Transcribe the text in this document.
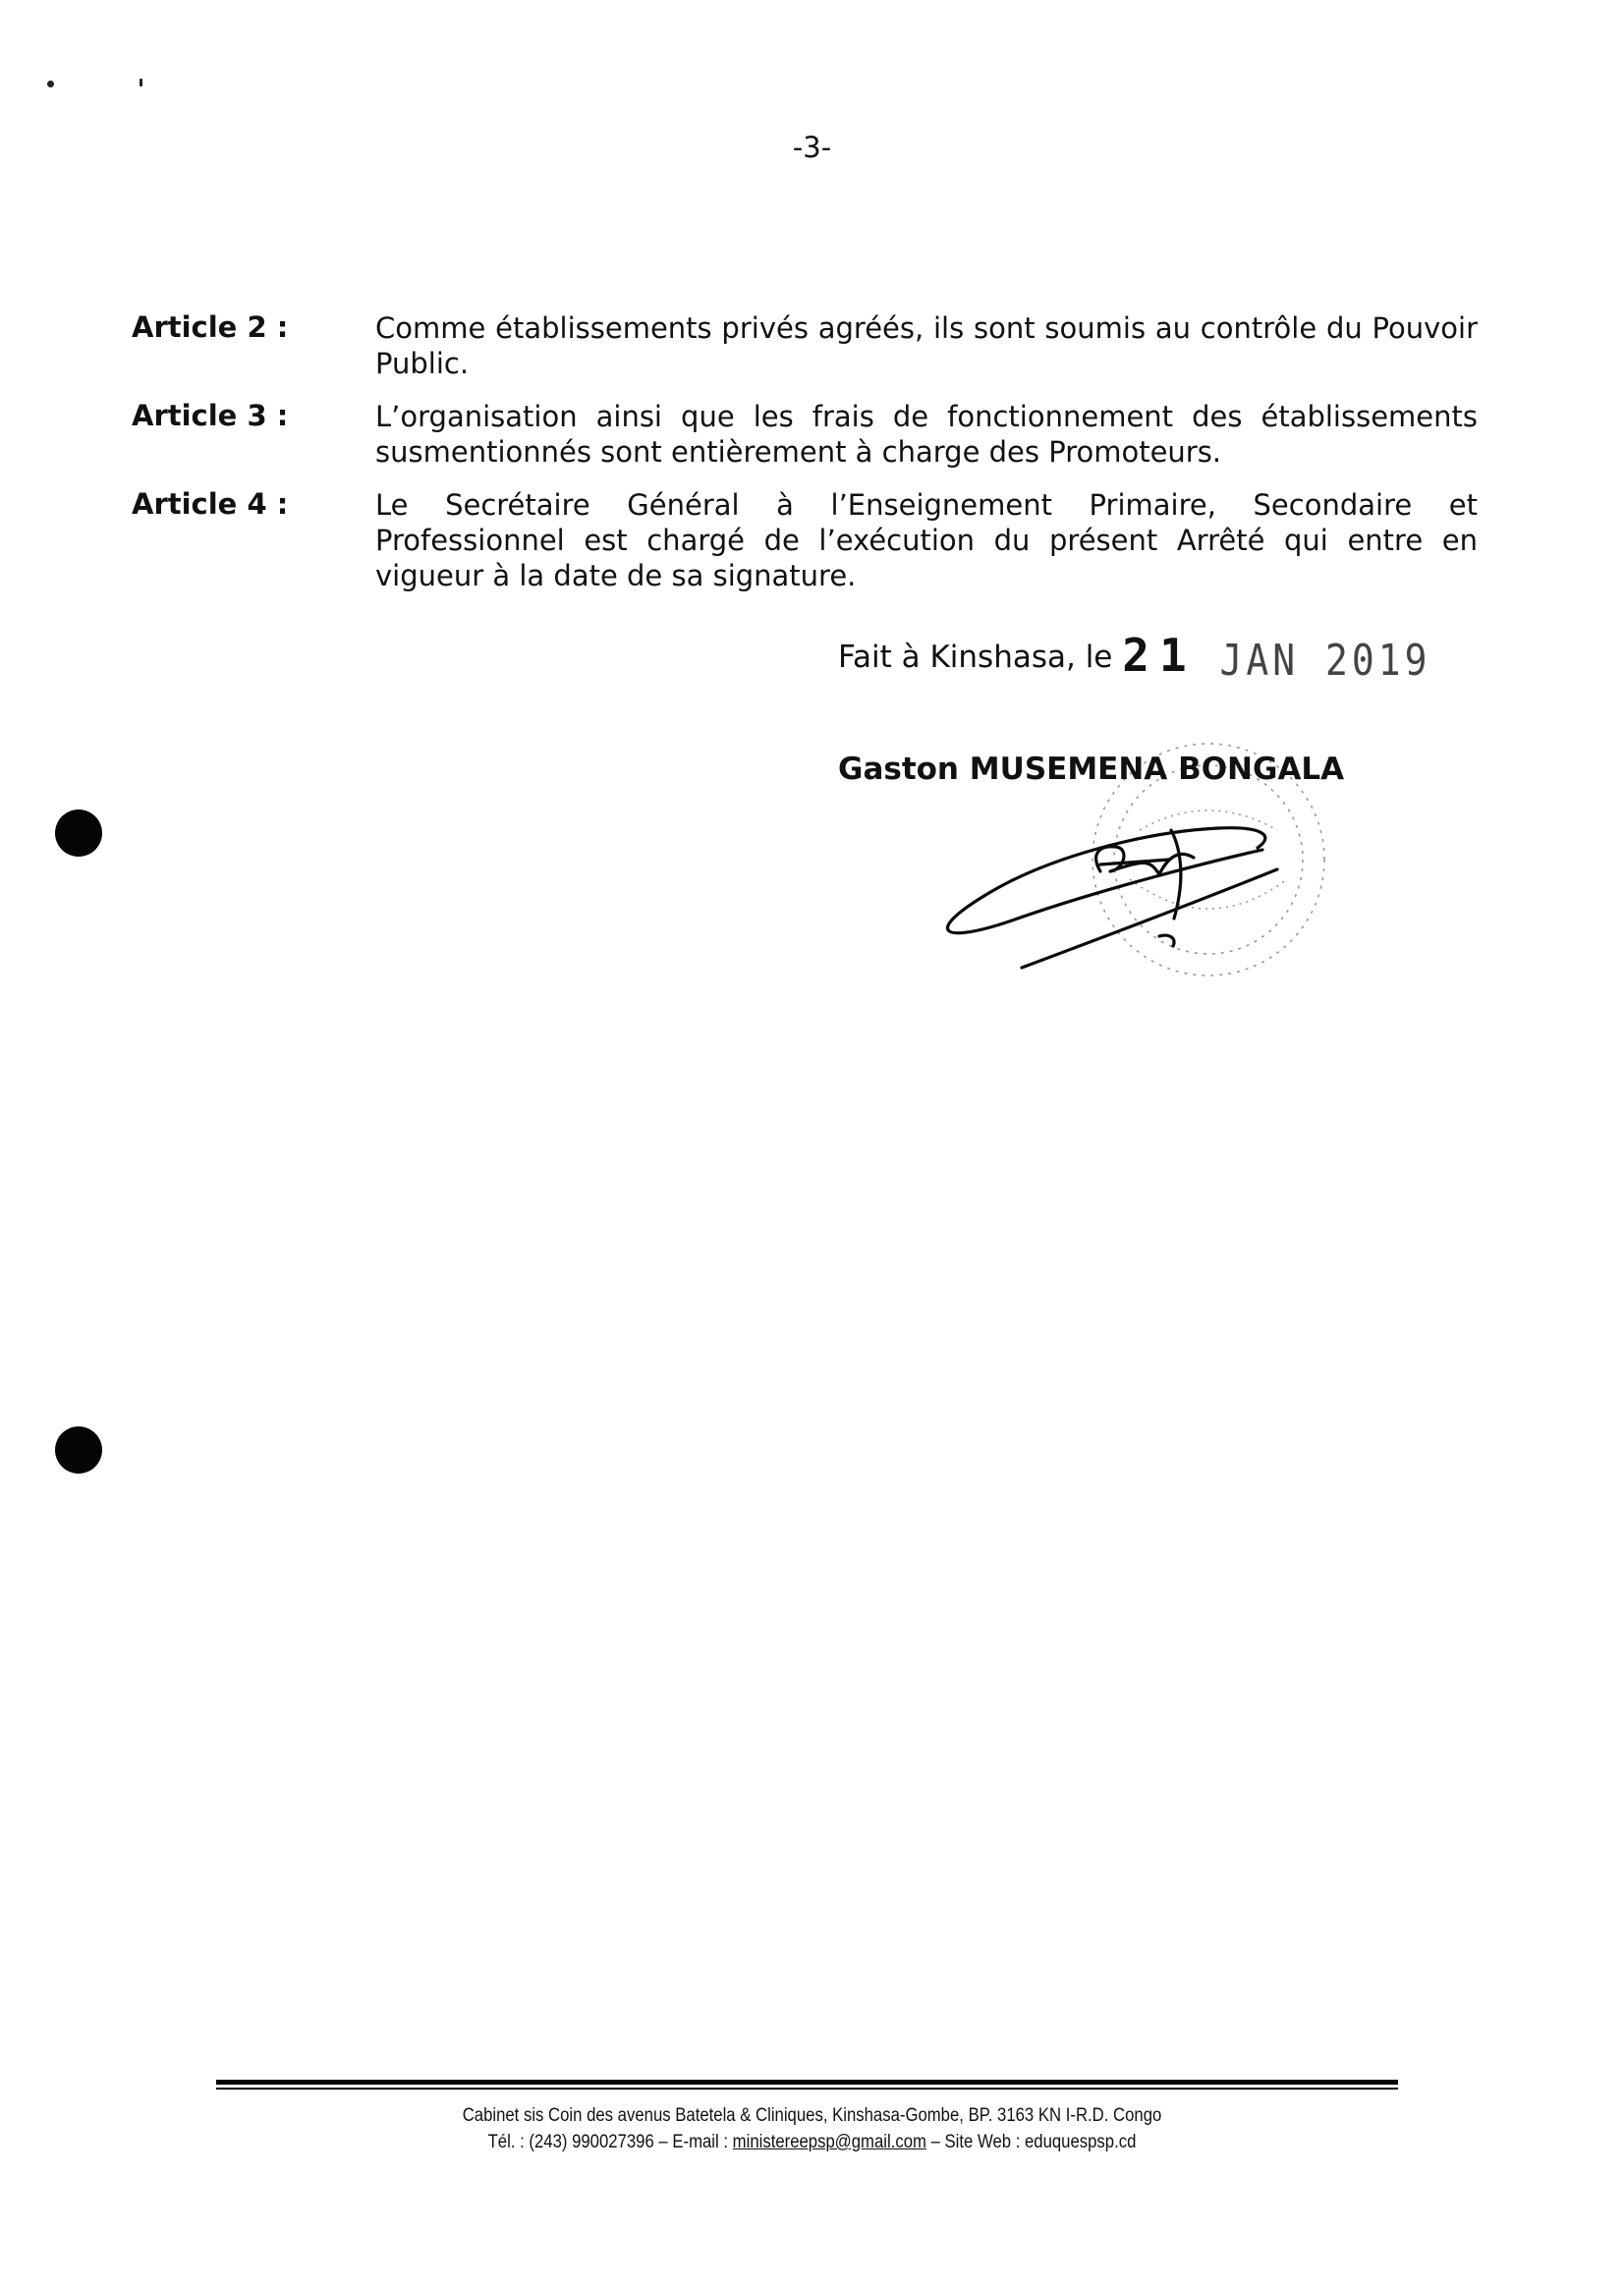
-3-
Article 2 :	Comme établissements privés agréés, ils sont soumis au contrôle du Pouvoir Public.
Article 3 :	L’organisation ainsi que les frais de fonctionnement des établissements susmentionnés sont entièrement à charge des Promoteurs.
Article 4 :	Le Secrétaire Général à l’Enseignement Primaire, Secondaire et Professionnel est chargé de l’exécution du présent Arrêté qui entre en vigueur à la date de sa signature.
Fait à Kinshasa, le 21 JAN 2019
Gaston MUSEMENA BONGALA
Cabinet sis Coin des avenus Batetela & Cliniques, Kinshasa-Gombe, BP. 3163 KN I-R.D. Congo
Tél. : (243) 990027396 – E-mail : ministereepsp@gmail.com – Site Web : eduquespsp.cd
